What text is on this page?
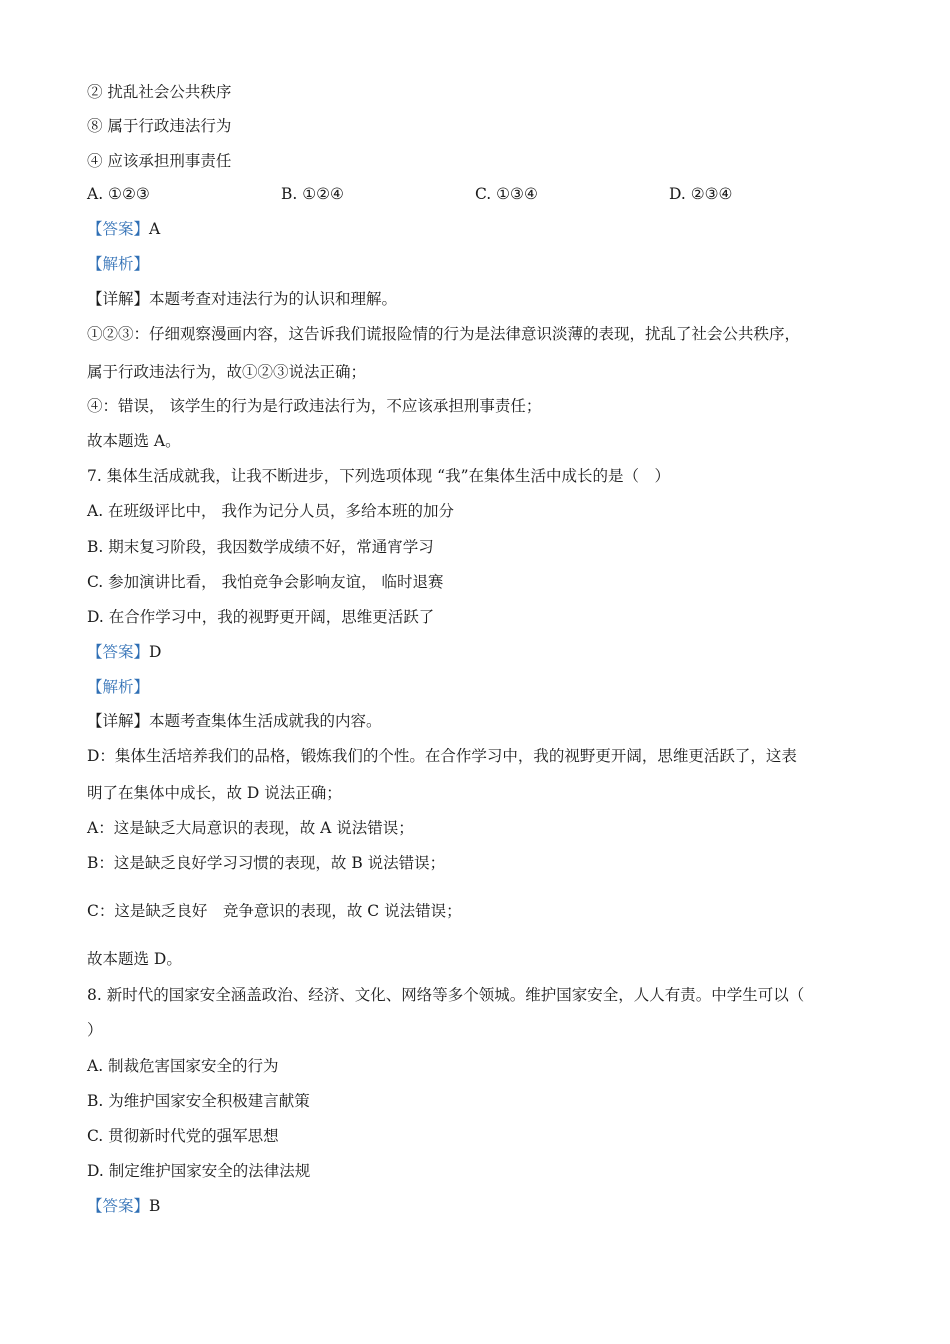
② 扰乱社会公共秩序

⑧ 属于行政违法行为

④ 应该承担刑事责任

A. ①②③	B. ①②④	C. ①③④	D. ②③④

【答案】A

【解析】

【详解】本题考查对违法行为的认识和理解。

①②③：仔细观察漫画内容，这告诉我们谎报险情的行为是法律意识淡薄的表现，扰乱了社会公共秩序，

属于行政违法行为，故①②③说法正确；

④：错误， 该学生的行为是行政违法行为，不应该承担刑事责任；

故本题选 A。

7. 集体生活成就我，让我不断进步，下列选项体现 “我”在集体生活中成长的是（　）

A. 在班级评比中， 我作为记分人员，多给本班的加分

B. 期末复习阶段，我因数学成绩不好，常通宵学习

C. 参加演讲比看， 我怕竞争会影响友谊， 临时退赛

D. 在合作学习中，我的视野更开阔，思维更活跃了

【答案】D

【解析】

【详解】本题考查集体生活成就我的内容。

D：集体生活培养我们的品格，锻炼我们的个性。在合作学习中，我的视野更开阔，思维更活跃了，这表

明了在集体中成长，故 D 说法正确；

A：这是缺乏大局意识的表现，故 A 说法错误；

B：这是缺乏良好学习习惯的表现，故 B 说法错误；

C：这是缺乏良好　竞争意识的表现，故 C 说法错误；

故本题选 D。

8. 新时代的国家安全涵盖政治、经济、文化、网络等多个领城。维护国家安全，人人有责。中学生可以（

）

A. 制裁危害国家安全的行为

B. 为维护国家安全积极建言献策

C. 贯彻新时代党的强军思想

D. 制定维护国家安全的法律法规

【答案】B
